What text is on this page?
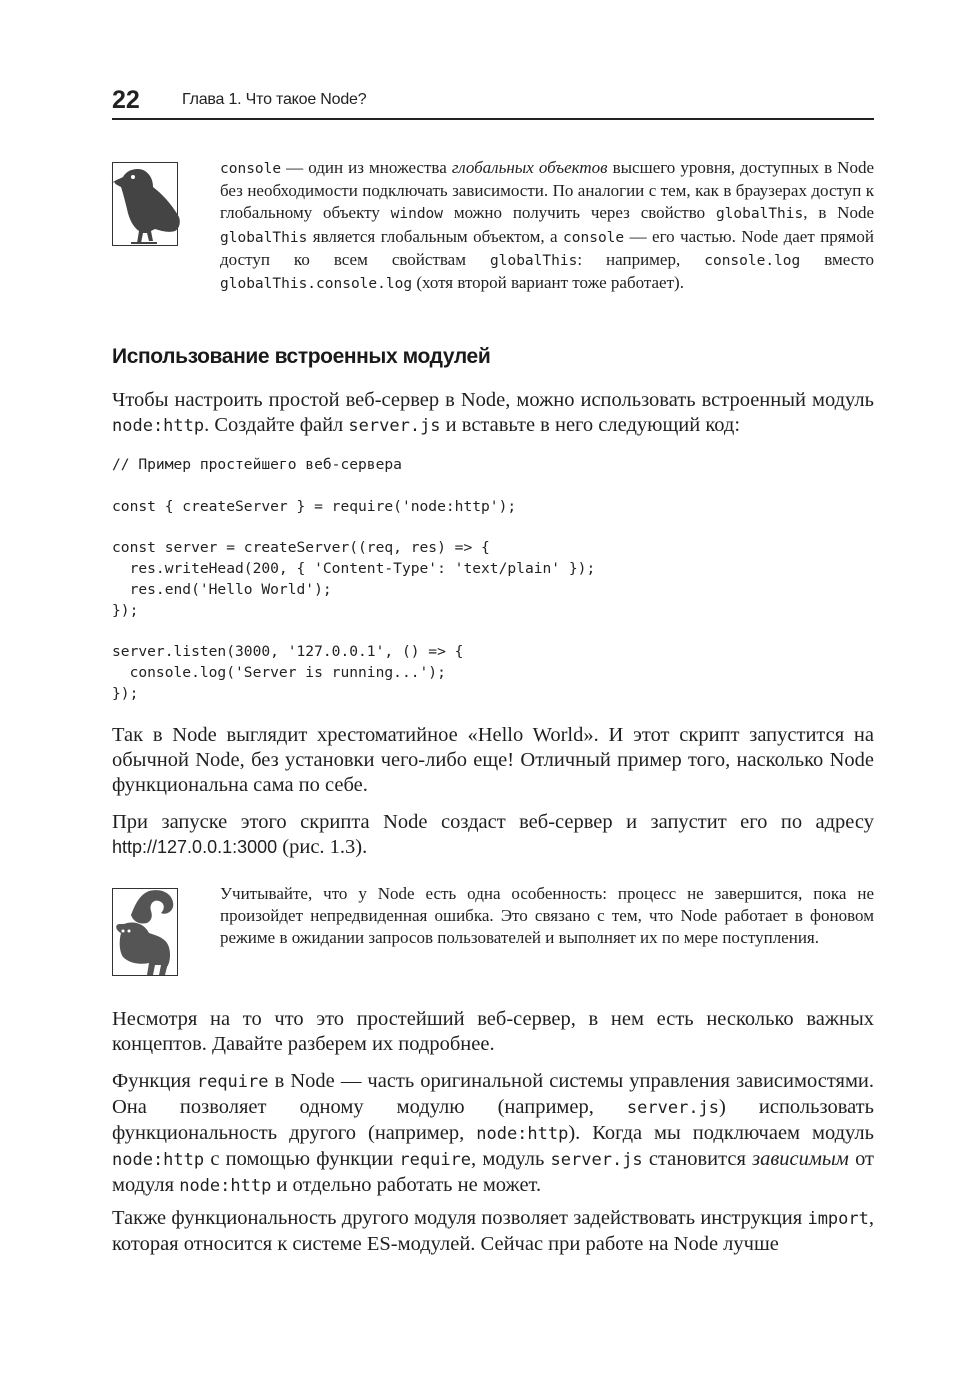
22	Глава 1. Что такое Node?
console — один из множества глобальных объектов высшего уровня, доступных в Node без необходимости подключать зависимости. По аналогии с тем, как в браузерах доступ к глобальному объекту window можно получить через свойство globalThis, в Node globalThis является глобальным объектом, а console — его частью. Node дает прямой доступ ко всем свойствам globalThis: например, console.log вместо globalThis.console.log (хотя второй вариант тоже работает).
Использование встроенных модулей
Чтобы настроить простой веб-сервер в Node, можно использовать встроенный модуль node:http. Создайте файл server.js и вставьте в него следующий код:
// Пример простейшего веб-сервера
const { createServer } = require('node:http');
const server = createServer((req, res) => {
res.writeHead(200, { 'Content-Type': 'text/plain' });
res.end('Hello World');
});
server.listen(3000, '127.0.0.1', () => {
console.log('Server is running...');
});
Так в Node выглядит хрестоматийное «Hello World». И этот скрипт запустится на обычной Node, без установки чего-либо еще! Отличный пример того, насколько Node функциональна сама по себе.
При запуске этого скрипта Node создаст веб-сервер и запустит его по адресу http://127.0.0.1:3000 (рис. 1.3).
Учитывайте, что у Node есть одна особенность: процесс не завершится, пока не произойдет непредвиденная ошибка. Это связано с тем, что Node работает в фоновом режиме в ожидании запросов пользователей и выполняет их по мере поступления.
Несмотря на то что это простейший веб-сервер, в нем есть несколько важных концептов. Давайте разберем их подробнее.
Функция require в Node — часть оригинальной системы управления зависимостями. Она позволяет одному модулю (например, server.js) использовать функциональность другого (например, node:http). Когда мы подключаем модуль node:http с помощью функции require, модуль server.js становится зависимым от модуля node:http и отдельно работать не может.
Также функциональность другого модуля позволяет задействовать инструкция import, которая относится к системе ES-модулей. Сейчас при работе на Node лучше
